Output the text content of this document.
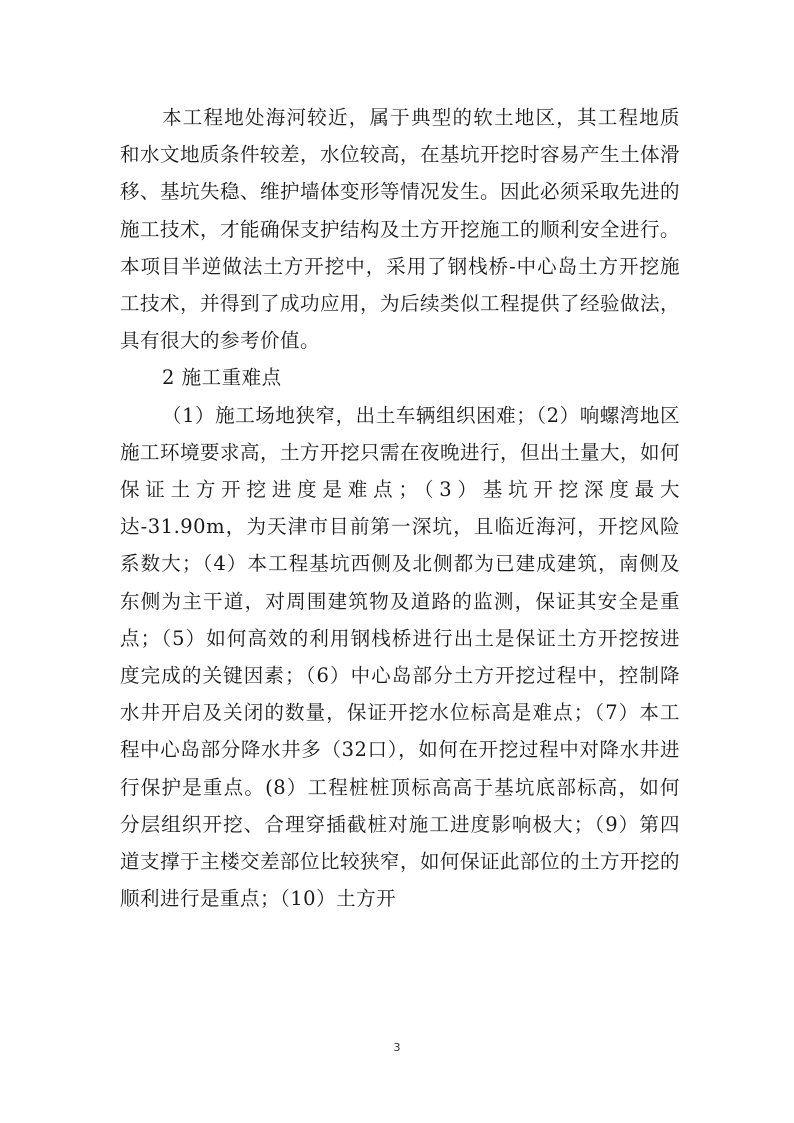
本工程地处海河较近，属于典型的软土地区，其工程地质和水文地质条件较差，水位较高，在基坑开挖时容易产生土体滑移、基坑失稳、维护墙体变形等情况发生。因此必须采取先进的施工技术，才能确保支护结构及土方开挖施工的顺利安全进行。本项目半逆做法土方开挖中，采用了钢栈桥-中心岛土方开挖施工技术，并得到了成功应用，为后续类似工程提供了经验做法，具有很大的参考价值。

2 施工重难点

（1）施工场地狭窄，出土车辆组织困难；（2）响螺湾地区施工环境要求高，土方开挖只需在夜晚进行，但出土量大，如何保证土方开挖进度是难点；（3）基坑开挖深度最大达-31.90m，为天津市目前第一深坑，且临近海河，开挖风险系数大；（4）本工程基坑西侧及北侧都为已建成建筑，南侧及东侧为主干道，对周围建筑物及道路的监测，保证其安全是重点；（5）如何高效的利用钢栈桥进行出土是保证土方开挖按进度完成的关键因素；（6）中心岛部分土方开挖过程中，控制降水井开启及关闭的数量，保证开挖水位标高是难点；（7）本工程中心岛部分降水井多（32口），如何在开挖过程中对降水井进行保护是重点。(8）工程桩桩顶标高高于基坑底部标高，如何分层组织开挖、合理穿插截桩对施工进度影响极大；（9）第四道支撑于主楼交差部位比较狭窄，如何保证此部位的土方开挖的顺利进行是重点；（10）土方开

3
